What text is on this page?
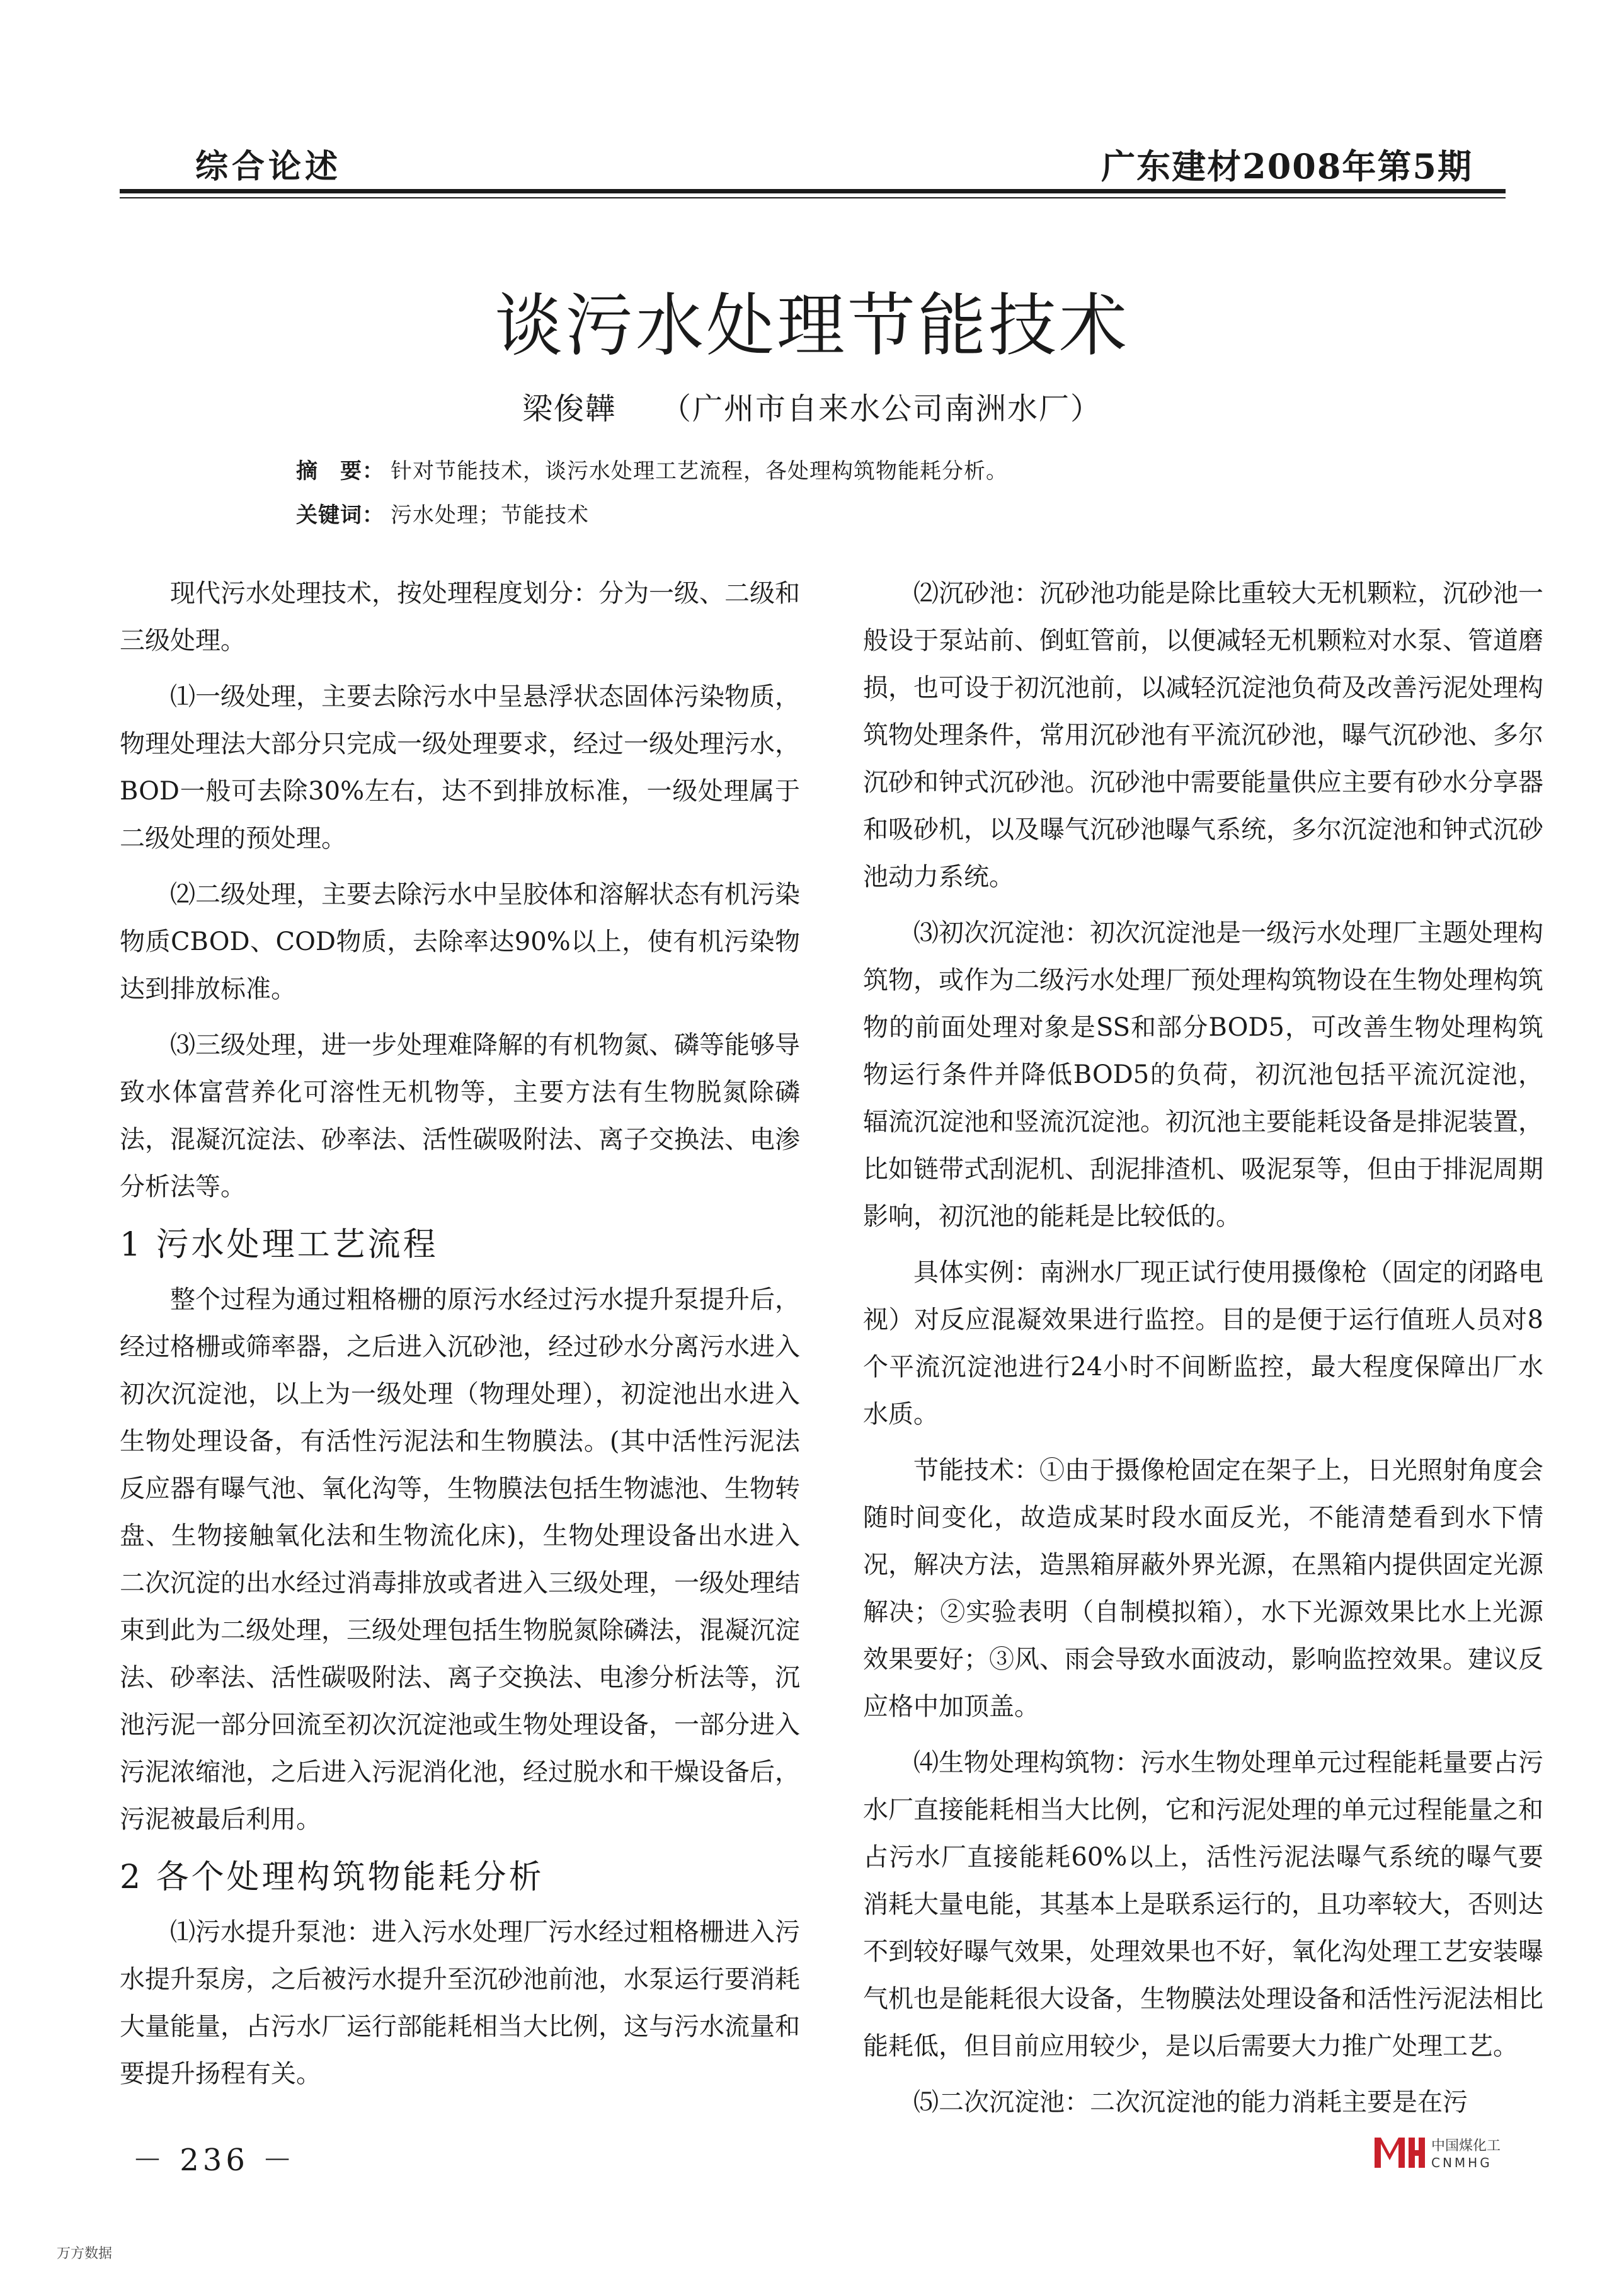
综合论述	广东建材2008年第5期
谈污水处理节能技术
梁俊韡 （广州市自来水公司南洲水厂）
摘　要： 针对节能技术，谈污水处理工艺流程，各处理构筑物能耗分析。
关键词： 污水处理；节能技术

现代污水处理技术，按处理程度划分：分为一级、二级和三级处理。

⑴一级处理，主要去除污水中呈悬浮状态固体污染物质，物理处理法大部分只完成一级处理要求，经过一级处理污水，BOD一般可去除30%左右，达不到排放标准，一级处理属于二级处理的预处理。

⑵二级处理，主要去除污水中呈胶体和溶解状态有机污染物质CBOD、COD物质，去除率达90%以上，使有机污染物达到排放标准。

⑶三级处理，进一步处理难降解的有机物氮、磷等能够导致水体富营养化可溶性无机物等，主要方法有生物脱氮除磷法，混凝沉淀法、砂率法、活性碳吸附法、离子交换法、电渗分析法等。

1 污水处理工艺流程

整个过程为通过粗格栅的原污水经过污水提升泵提升后，经过格栅或筛率器，之后进入沉砂池，经过砂水分离污水进入初次沉淀池，以上为一级处理（物理处理），初淀池出水进入生物处理设备，有活性污泥法和生物膜法。(其中活性污泥法反应器有曝气池、氧化沟等，生物膜法包括生物滤池、生物转盘、生物接触氧化法和生物流化床)，生物处理设备出水进入二次沉淀的出水经过消毒排放或者进入三级处理，一级处理结束到此为二级处理，三级处理包括生物脱氮除磷法，混凝沉淀法、砂率法、活性碳吸附法、离子交换法、电渗分析法等，沉池污泥一部分回流至初次沉淀池或生物处理设备，一部分进入污泥浓缩池，之后进入污泥消化池，经过脱水和干燥设备后，污泥被最后利用。

2 各个处理构筑物能耗分析

⑴污水提升泵池：进入污水处理厂污水经过粗格栅进入污水提升泵房，之后被污水提升至沉砂池前池，水泵运行要消耗大量能量，占污水厂运行部能耗相当大比例，这与污水流量和要提升扬程有关。

⑵沉砂池：沉砂池功能是除比重较大无机颗粒，沉砂池一般设于泵站前、倒虹管前，以便减轻无机颗粒对水泵、管道磨损，也可设于初沉池前，以减轻沉淀池负荷及改善污泥处理构筑物处理条件，常用沉砂池有平流沉砂池，曝气沉砂池、多尔沉砂和钟式沉砂池。沉砂池中需要能量供应主要有砂水分享器和吸砂机，以及曝气沉砂池曝气系统，多尔沉淀池和钟式沉砂池动力系统。

⑶初次沉淀池：初次沉淀池是一级污水处理厂主题处理构筑物，或作为二级污水处理厂预处理构筑物设在生物处理构筑物的前面处理对象是SS和部分BOD5，可改善生物处理构筑物运行条件并降低BOD5的负荷，初沉池包括平流沉淀池，辐流沉淀池和竖流沉淀池。初沉池主要能耗设备是排泥装置，比如链带式刮泥机、刮泥排渣机、吸泥泵等，但由于排泥周期影响，初沉池的能耗是比较低的。

具体实例：南洲水厂现正试行使用摄像枪（固定的闭路电视）对反应混凝效果进行监控。目的是便于运行值班人员对8个平流沉淀池进行24小时不间断监控，最大程度保障出厂水水质。

节能技术：①由于摄像枪固定在架子上，日光照射角度会随时间变化，故造成某时段水面反光，不能清楚看到水下情况，解决方法，造黑箱屏蔽外界光源，在黑箱内提供固定光源解决；②实验表明（自制模拟箱），水下光源效果比水上光源效果要好；③风、雨会导致水面波动，影响监控效果。建议反应格中加顶盖。

⑷生物处理构筑物：污水生物处理单元过程能耗量要占污水厂直接能耗相当大比例，它和污泥处理的单元过程能量之和占污水厂直接能耗60%以上，活性污泥法曝气系统的曝气要消耗大量电能，其基本上是联系运行的，且功率较大，否则达不到较好曝气效果，处理效果也不好，氧化沟处理工艺安装曝气机也是能耗很大设备，生物膜法处理设备和活性污泥法相比能耗低，但目前应用较少，是以后需要大力推广处理工艺。

⑸二次沉淀池：二次沉淀池的能力消耗主要是在污

－ 236 －	中国煤化工
CNMHG
万方数据
